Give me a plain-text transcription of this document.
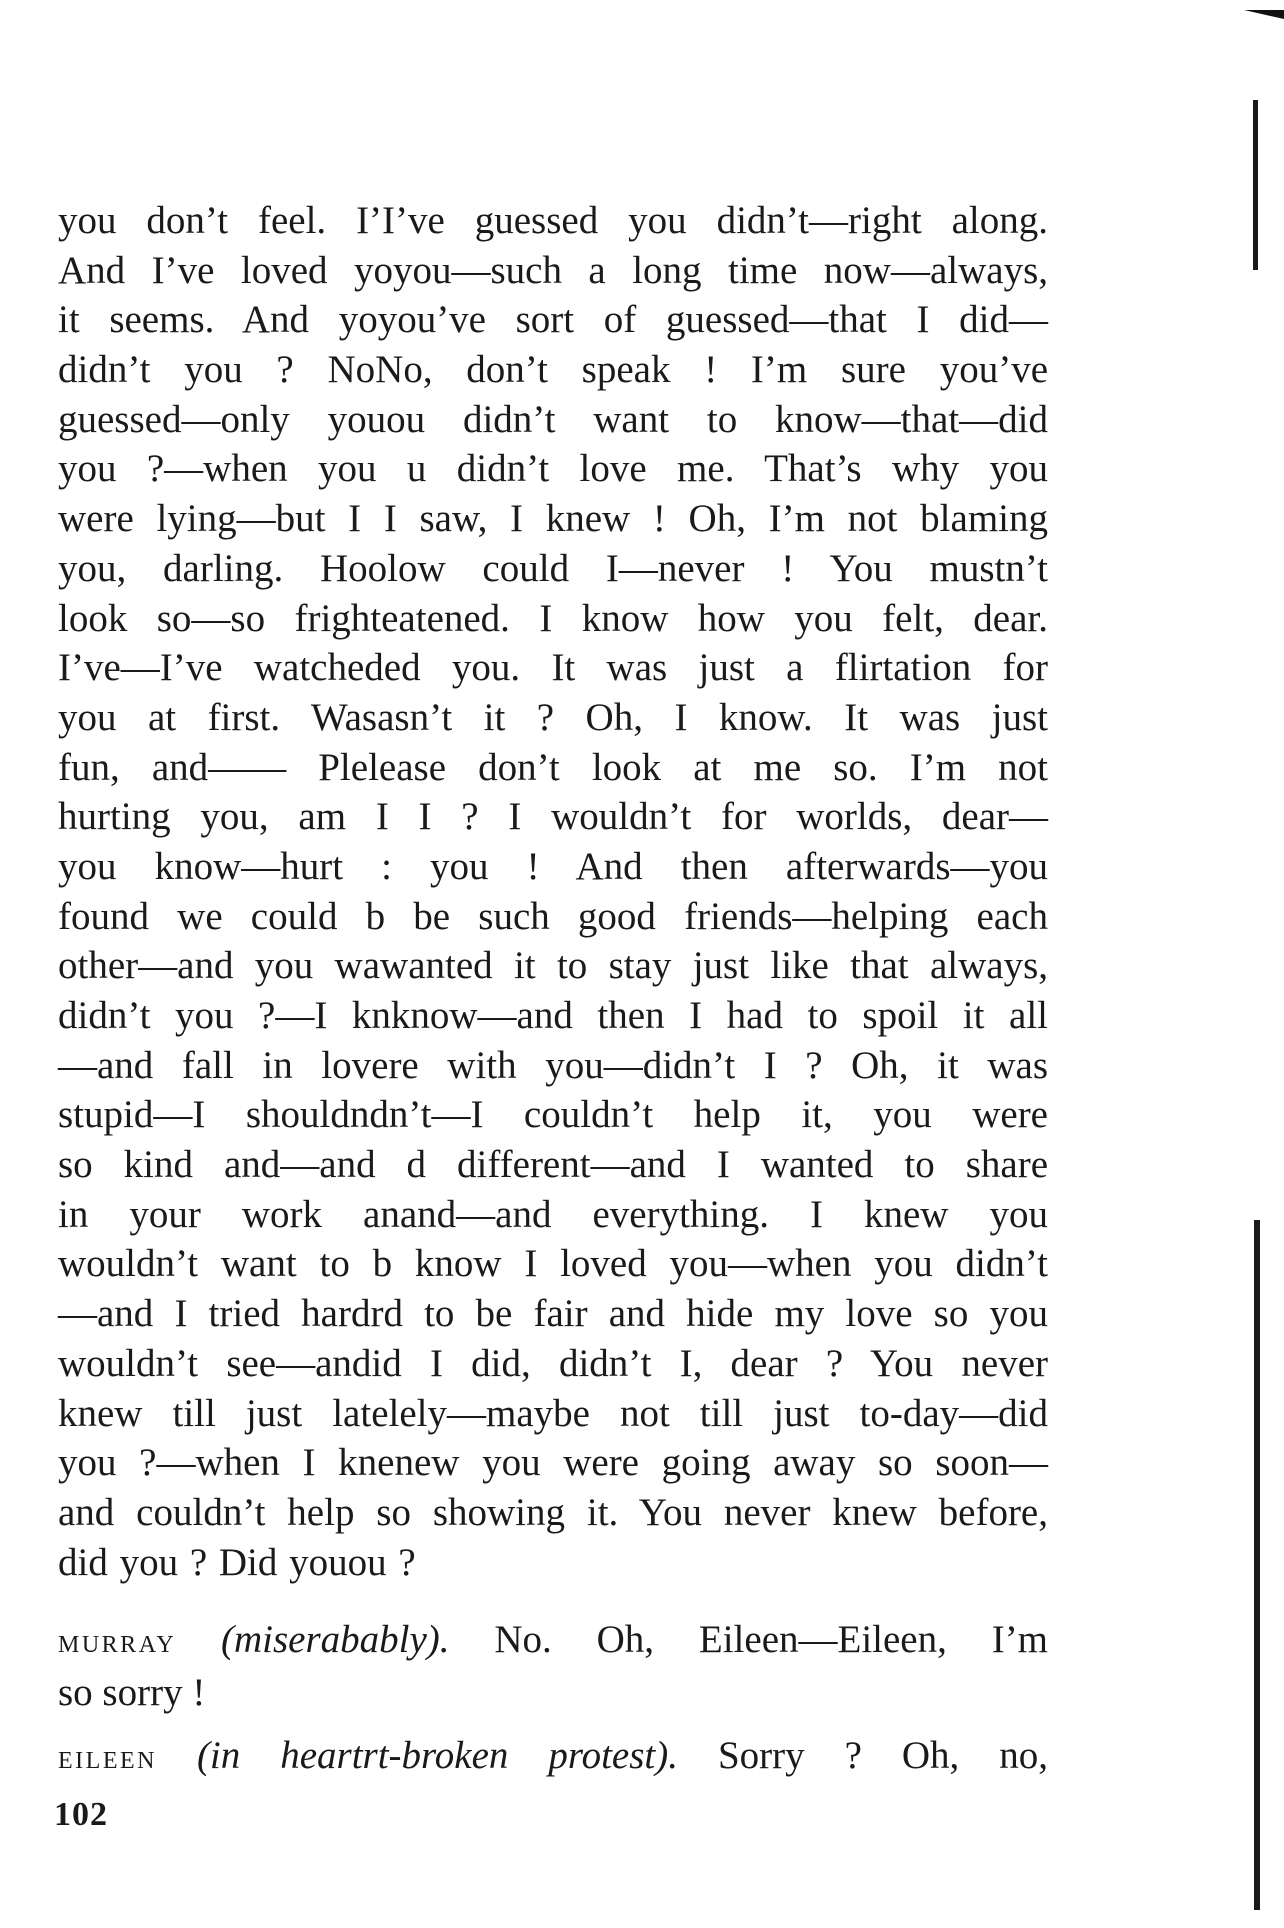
you don’t feel. I’I’ve guessed you didn’t—right along.
And I’ve loved yoyou—such a long time now—always,
it seems. And yoyou’ve sort of guessed—that I did—
didn’t you ? NoNo, don’t speak ! I’m sure you’ve
guessed—only youou didn’t want to know—that—did
you ?—when you u didn’t love me. That’s why you
were lying—but I I saw, I knew ! Oh, I’m not blaming
you, darling. Hoolow could I—never ! You mustn’t
look so—so frighteatened. I know how you felt, dear.
I’ve—I’ve watcheded you. It was just a flirtation for
you at first. Wasasn’t it ? Oh, I know. It was just
fun, and—— Plelease don’t look at me so. I’m not
hurting you, am I I ? I wouldn’t for worlds, dear—
you know—hurt : you ! And then afterwards—you
found we could b be such good friends—helping each
other—and you wawanted it to stay just like that always,
didn’t you ?—I knknow—and then I had to spoil it all
—and fall in lovere with you—didn’t I ? Oh, it was
stupid—I shouldndn’t—I couldn’t help it, you were
so kind and—and d different—and I wanted to share
in your work anand—and everything. I knew you
wouldn’t want to b know I loved you—when you didn’t
—and I tried hardrd to be fair and hide my love so you
wouldn’t see—andid I did, didn’t I, dear ? You never
knew till just latelely—maybe not till just to-day—did
you ?—when I knenew you were going away so soon—
and couldn’t help so showing it. You never knew before,
did you ? Did youou ?
MURRAY (miserabably). No. Oh, Eileen—Eileen, I’m
so sorry !
EILEEN (in heartrt-broken protest). Sorry ? Oh, no,
102
